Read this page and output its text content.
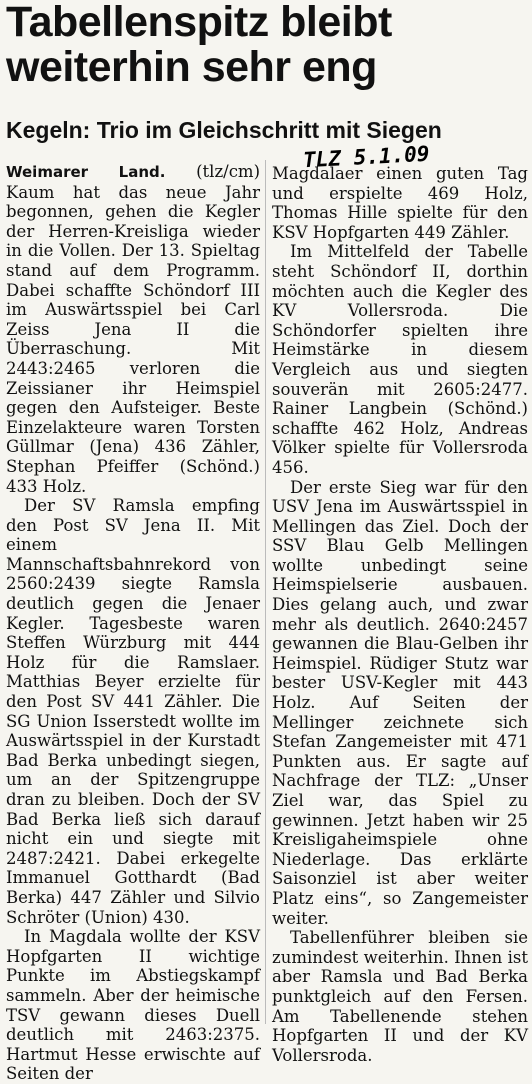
Tabellenspitz bleibt
weiterhin sehr eng
Kegeln: Trio im Gleichschritt mit Siegen
TLZ 5.1.09

Weimarer Land. (tlz/cm) Kaum hat das neue Jahr begonnen, gehen die Kegler der Herren-Kreisliga wieder in die Vollen. Der 13. Spieltag stand auf dem Programm. Dabei schaffte Schöndorf III im Auswärtsspiel bei Carl Zeiss Jena II die Überraschung. Mit 2443:2465 verloren die Zeissianer ihr Heimspiel gegen den Aufsteiger. Beste Einzelakteure waren Torsten Güllmar (Jena) 436 Zähler, Stephan Pfeiffer (Schönd.) 433 Holz.

Der SV Ramsla empfing den Post SV Jena II. Mit einem Mannschaftsbahnrekord von 2560:2439 siegte Ramsla deutlich gegen die Jenaer Kegler. Tagesbeste waren Steffen Würzburg mit 444 Holz für die Ramslaer. Matthias Beyer erzielte für den Post SV 441 Zähler. Die SG Union Isserstedt wollte im Auswärtsspiel in der Kurstadt Bad Berka unbedingt siegen, um an der Spitzengruppe dran zu bleiben. Doch der SV Bad Berka ließ sich darauf nicht ein und siegte mit 2487:2421. Dabei erkegelte Immanuel Gotthardt (Bad Berka) 447 Zähler und Silvio Schröter (Union) 430.

In Magdala wollte der KSV Hopfgarten II wichtige Punkte im Abstiegskampf sammeln. Aber der heimische TSV gewann dieses Duell deutlich mit 2463:2375. Hartmut Hesse erwischte auf Seiten der

Magdalaer einen guten Tag und erspielte 469 Holz, Thomas Hille spielte für den KSV Hopfgarten 449 Zähler.

Im Mittelfeld der Tabelle steht Schöndorf II, dorthin möchten auch die Kegler des KV Vollersroda. Die Schöndorfer spielten ihre Heimstärke in diesem Vergleich aus und siegten souverän mit 2605:2477. Rainer Langbein (Schönd.) schaffte 462 Holz, Andreas Völker spielte für Vollersroda 456.

Der erste Sieg war für den USV Jena im Auswärtsspiel in Mellingen das Ziel. Doch der SSV Blau Gelb Mellingen wollte unbedingt seine Heimspielserie ausbauen. Dies gelang auch, und zwar mehr als deutlich. 2640:2457 gewannen die Blau-Gelben ihr Heimspiel. Rüdiger Stutz war bester USV-Kegler mit 443 Holz. Auf Seiten der Mellinger zeichnete sich Stefan Zangemeister mit 471 Punkten aus. Er sagte auf Nachfrage der TLZ: „Unser Ziel war, das Spiel zu gewinnen. Jetzt haben wir 25 Kreisligaheimspiele ohne Niederlage. Das erklärte Saisonziel ist aber weiter Platz eins“, so Zangemeister weiter.

Tabellenführer bleiben sie zumindest weiterhin. Ihnen ist aber Ramsla und Bad Berka punktgleich auf den Fersen. Am Tabellenende stehen Hopfgarten II und der KV Vollersroda.
